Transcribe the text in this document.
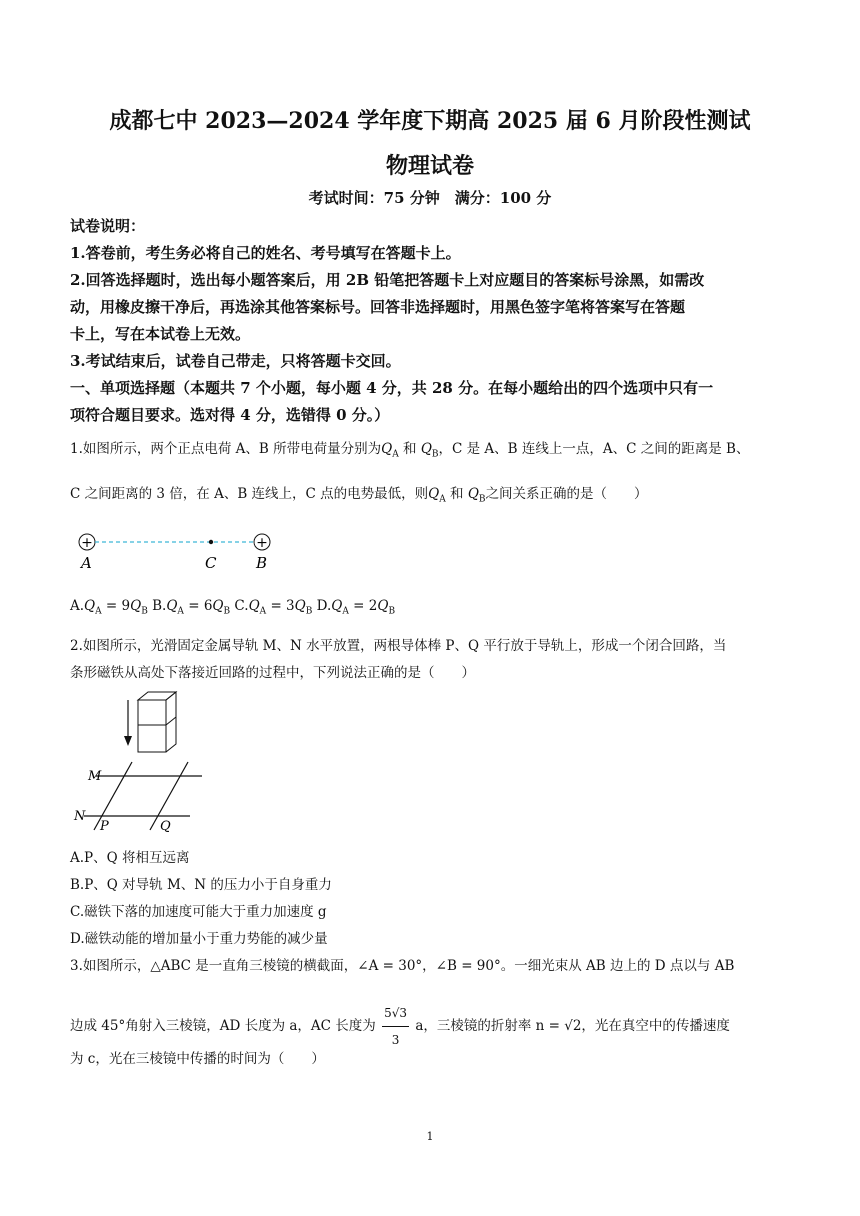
成都七中 2023—2024 学年度下期高 2025 届 6 月阶段性测试
物理试卷
考试时间：75 分钟　满分：100 分
试卷说明：
1.答卷前，考生务必将自己的姓名、考号填写在答题卡上。
2.回答选择题时，选出每小题答案后，用 2B 铅笔把答题卡上对应题目的答案标号涂黑，如需改
动，用橡皮擦干净后，再选涂其他答案标号。回答非选择题时，用黑色签字笔将答案写在答题
卡上，写在本试卷上无效。
3.考试结束后，试卷自己带走，只将答题卡交回。
一、单项选择题（本题共 7 个小题，每小题 4 分，共 28 分。在每小题给出的四个选项中只有一
项符合题目要求。选对得 4 分，选错得 0 分。）
1.如图所示，两个正点电荷 A、B 所带电荷量分别为$Q_A$ 和 $Q_B$，C 是 A、B 连线上一点，A、C 之间的距离是 B、
C 之间距离的 3 倍，在 A、B 连线上，C 点的电势最低，则$Q_A$ 和 $Q_B$之间关系正确的是（　　）
+	+
A	C	B
$A.Q_A = 9Q_B$ $B.Q_A = 6Q_B$ $C.Q_A = 3Q_B$ $D.Q_A = 2Q_B$
2.如图所示，光滑固定金属导轨 M、N 水平放置，两根导体棒 P、Q 平行放于导轨上，形成一个闭合回路，当
条形磁铁从高处下落接近回路的过程中，下列说法正确的是（　　）
M
N
P	Q
A.P、Q 将相互远离
B.P、Q 对导轨 M、N 的压力小于自身重力
C.磁铁下落的加速度可能大于重力加速度 g
D.磁铁动能的增加量小于重力势能的减少量
3.如图所示，△ABC 是一直角三棱镜的横截面，∠A = 30°，∠B = 90°。一细光束从 AB 边上的 D 点以与 AB
边成 45°角射入三棱镜，AD 长度为 a，AC 长度为 $\frac{5√3}{3}$ a，三棱镜的折射率 n = √2，光在真空中的传播速度
为 c，光在三棱镜中传播的时间为（　　）
1
